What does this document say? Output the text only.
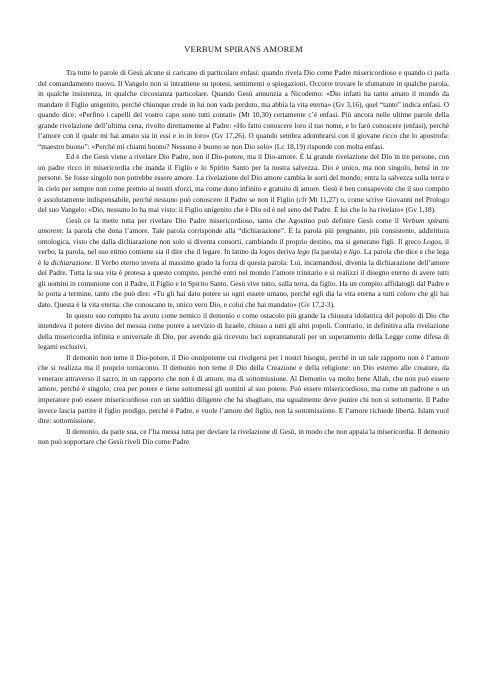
VERBUM SPIRANS AMOREM

Tra tutte le parole di Gesù alcune si caricano di particolare enfasi: quando rivela Dio come Padre misericordioso e quando ci parla del comandamento nuovo. Il Vangelo non si intrattiene su ipotesi, sentimenti o spiegazioni. Occorre trovare le sfumature in qualche parola, in qualche insistenza, in qualche circostanza particolare. Quando Gesù annunzia a Nicodemo: «Dio infatti ha tanto amato il mondo da mandare il Figlio unigenito, perché chiunque crede in lui non vada perduto, ma abbia la vita eterna» (Gv 3,16), quel “tanto” indica enfasi. O quando dice: «Perfino i capelli del vostro capo sono tutti contati» (Mt 10,30) certamente c’è enfasi. Più ancora nelle ultime parole della grande rivelazione dell’ultima cena, rivolto direttamente al Padre: «Ho fatto conoscere loro il tuo nome, e lo farò conoscere (enfasi), perché l’amore con il quale mi hai amato sia in essi e io in loro» (Gv 17,26). O quando sembra adombrarsi con il giovane ricco che lo apostrofa: “maestro buono”: «Perché mi chiami buono? Nessuno è buono se non Dio solo» (Lc 18,19) risponde con molta enfasi.

Ed è che Gesù viene a rivelare Dio Padre, non il Dio-potere, ma il Dio-amore. È la grande rivelazione del Dio in tre persone, con un padre ricco in misericordia che manda il Figlio e lo Spirito Santo per la nostra salvezza. Dio è unico, ma non singolo, bensì in tre persone. Se fosse singolo non potrebbe essere amore. La rivelazione del Dio amore cambia le sorti del mondo; entra la salvezza sulla terra e in cielo per sempre non come premio ai nostri sforzi, ma come dono infinito e gratuito di amore. Gesù è ben consapevole che il suo compito è assolutamente indispensabile, perché nessuno può conoscere il Padre se non il Figlio (cfr Mt 11,27) o, come scrive Giovanni nel Prologo del suo Vangelo: «Dio, nessuno lo ha mai visto: il Figlio unigenito che è Dio ed è nel seno del Padre. È lui che lo ha rivelato» (Gv 1,18).

Gesù ce la mette tutta per rivelare Dio Padre misericordioso, tanto che Agostino può definire Gesù come il Verbum spirans amorem: la parola che dona l’amore. Tale parola corrisponde alla “dichiarazione”. È la parola più pregnante, più consistente, addirittura ontologica, visto che dalla dichiarazione non solo si diventa consorti, cambiando il proprio destino, ma si generano figli. Il greco Logos, il verbo, la parola, nel suo etimo contiene sia il dire che il legare. In latino da logos deriva lego (la parola) e ligo. La parola che dice e che lega è la dichiarazione. Il Verbo eterno invera al massimo grado la forza di questa parola: Lui, incarnandosi, diventa la dichiarazione dell’amore del Padre. Tutta la sua vita è protesa a questo compito, perché entri nel mondo l’amore trinitario e si realizzi il disegno eterno di avere tutti gli uomini in comunione con il Padre, il Figlio e lo Spirito Santo. Gesù vive tutto, sulla terra, da figlio. Ha un compito affidatogli dal Padre e lo porta a termine, tanto che può dire: «Tu gli hai dato potere su ogni essere umano, perché egli dia la vita eterna a tutti coloro che gli hai dato. Questa è la vita eterna: che conoscano te, unico vero Dio, e colui che hai mandato» (Gv 17,2-3).

In questo suo compito ha avuto come nemico il demonio e come ostacolo più grande la chiusura idolatrica del popolo di Dio che intendeva il potere divino del messia come potere a servizio di Israele, chiuso a tutti gli altri popoli. Contrario, in definitiva alla rivelazione della misericordia infinita e universale di Dio, pur avendo già ricevuto luci soprannaturali per un superamento della Legge come difesa di legami esclusivi.

Il demonio non teme il Dio-potere, il Dio onnipotente cui rivolgersi per i nostri bisogni, perché in un tale rapporto non è l’amore che si realizza ma il proprio tornaconto. Il demonio non teme il Dio della Creazione e della religione: un Dio esterno alle creature, da venerare attraverso il sacro, in un rapporto che non è di amore, ma di sottomissione. Al Demonio va molto bene Allah, che non può essere amore, perché è singolo; crea per potere e tiene sottomessi gli uomini al suo potere. Può essere misericordioso, ma come un padrone o un imperatore può essere misericordioso con un suddito diligente che ha sbagliato, ma ugualmente deve punire chi non si sottomette. Il Padre invece lascia partire il figlio prodigo, perché è Padre, e vuole l’amore del figlio, non la sottomissione. E l’amore richiede libertà. Islam vuol dire: sottomissione.

Il demonio, da parte sua, ce l’ha messa tutta per deviare la rivelazione di Gesù, in modo che non appaia la misericordia. Il demonio non può sopportare che Gesù riveli Dio come Padre
